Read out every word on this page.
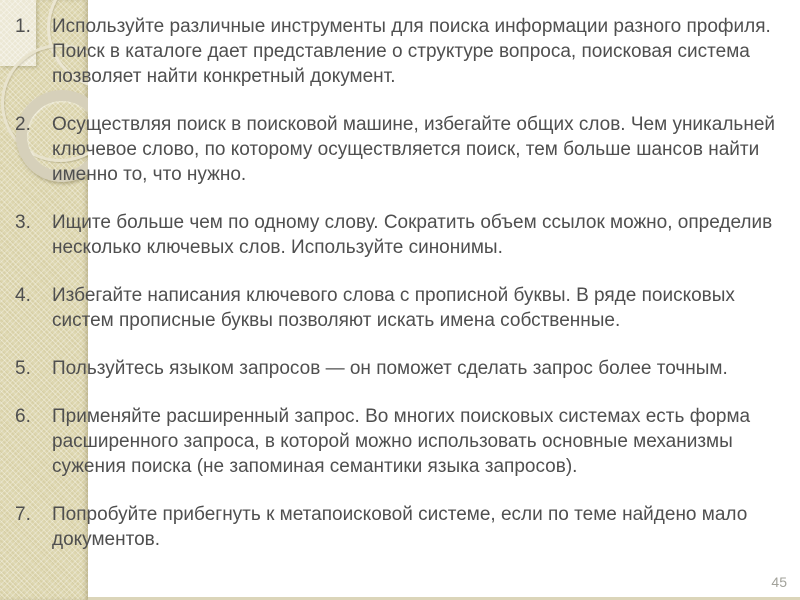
1.	Используйте различные инструменты для поиска информации разного профиля. Поиск в каталоге дает представление о структуре вопроса, поисковая система позволяет найти конкретный документ.
2.	Осуществляя поиск в поисковой машине, избегайте общих слов. Чем уникальней ключевое слово, по которому осуществляется поиск, тем больше шансов найти именно то, что нужно.
3.	Ищите больше чем по одному слову. Сократить объем ссылок можно, определив несколько ключевых слов. Используйте синонимы.
4.	Избегайте написания ключевого слова с прописной буквы. В ряде поисковых систем прописные буквы позволяют искать имена собственные.
5.	Пользуйтесь языком запросов — он поможет сделать запрос более точным.
6.	Применяйте расширенный запрос. Во многих поисковых системах есть форма расширенного запроса, в которой можно использовать основные механизмы сужения поиска (не запоминая семантики языка запросов).
7.	Попробуйте прибегнуть к метапоисковой системе, если по теме найдено мало документов.
45
